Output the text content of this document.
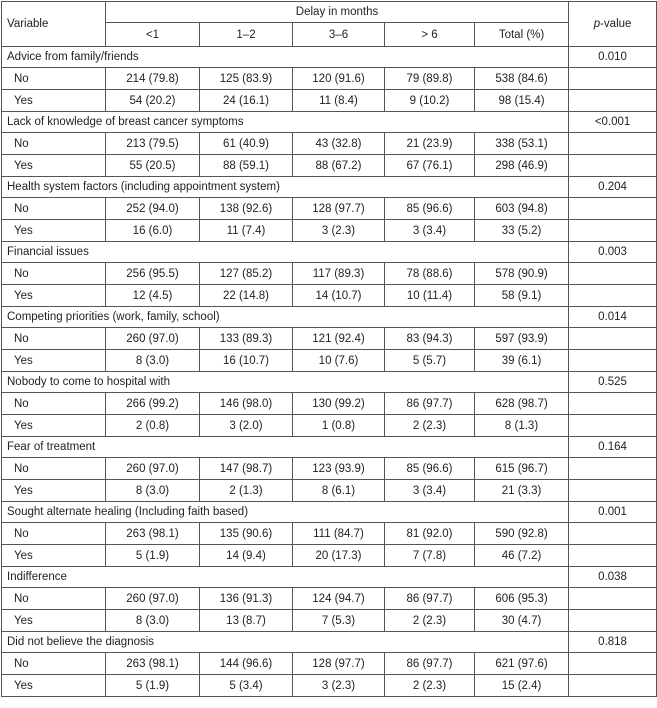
Variable	Delay in months					p-value
	<1	1–2	3–6	> 6	Total (%)	
Advice from family/friends						0.010
No	214 (79.8)	125 (83.9)	120 (91.6)	79 (89.8)	538 (84.6)	
Yes	54 (20.2)	24 (16.1)	11 (8.4)	9 (10.2)	98 (15.4)	
Lack of knowledge of breast cancer symptoms						<0.001
No	213 (79.5)	61 (40.9)	43 (32.8)	21 (23.9)	338 (53.1)	
Yes	55 (20.5)	88 (59.1)	88 (67.2)	67 (76.1)	298 (46.9)	
Health system factors (including appointment system)						0.204
No	252 (94.0)	138 (92.6)	128 (97.7)	85 (96.6)	603 (94.8)	
Yes	16 (6.0)	11 (7.4)	3 (2.3)	3 (3.4)	33 (5.2)	
Financial issues						0.003
No	256 (95.5)	127 (85.2)	117 (89.3)	78 (88.6)	578 (90.9)	
Yes	12 (4.5)	22 (14.8)	14 (10.7)	10 (11.4)	58 (9.1)	
Competing priorities (work, family, school)						0.014
No	260 (97.0)	133 (89.3)	121 (92.4)	83 (94.3)	597 (93.9)	
Yes	8 (3.0)	16 (10.7)	10 (7.6)	5 (5.7)	39 (6.1)	
Nobody to come to hospital with						0.525
No	266 (99.2)	146 (98.0)	130 (99.2)	86 (97.7)	628 (98.7)	
Yes	2 (0.8)	3 (2.0)	1 (0.8)	2 (2.3)	8 (1.3)	
Fear of treatment						0.164
No	260 (97.0)	147 (98.7)	123 (93.9)	85 (96.6)	615 (96.7)	
Yes	8 (3.0)	2 (1.3)	8 (6.1)	3 (3.4)	21 (3.3)	
Sought alternate healing (Including faith based)						0.001
No	263 (98.1)	135 (90.6)	111 (84.7)	81 (92.0)	590 (92.8)	
Yes	5 (1.9)	14 (9.4)	20 (17.3)	7 (7.8)	46 (7.2)	
Indifference						0.038
No	260 (97.0)	136 (91.3)	124 (94.7)	86 (97.7)	606 (95.3)	
Yes	8 (3.0)	13 (8.7)	7 (5.3)	2 (2.3)	30 (4.7)	
Did not believe the diagnosis						0.818
No	263 (98.1)	144 (96.6)	128 (97.7)	86 (97.7)	621 (97.6)	
Yes	5 (1.9)	5 (3.4)	3 (2.3)	2 (2.3)	15 (2.4)	
